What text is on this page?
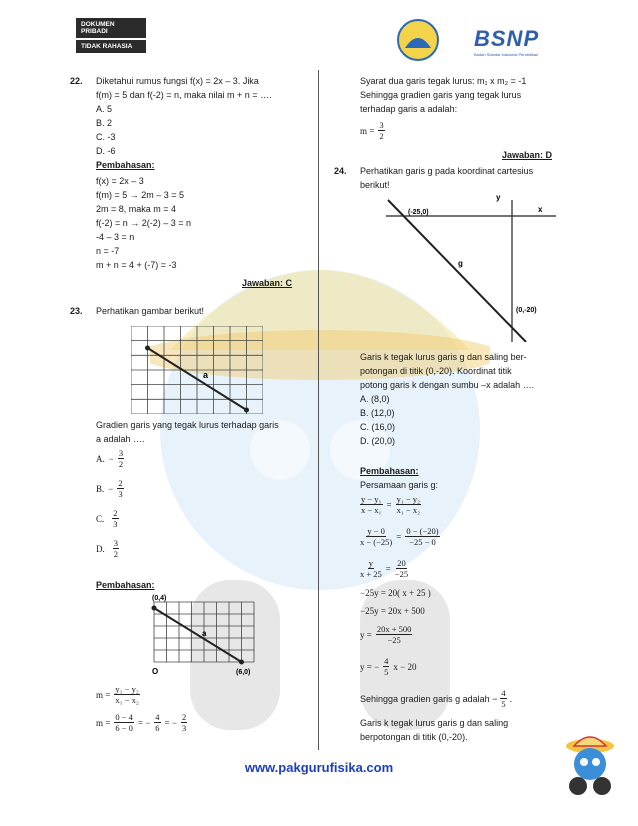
DOKUMEN PRIBADI
TIDAK RAHASIA	BSNP
Badan Standar Nasional Pendidikan
22. Diketahui rumus fungsi f(x) = 2x – 3. Jika
f(m) = 5 dan f(-2) = n, maka nilai m + n = ….
A. 5
B. 2
C. -3
D. -6
Pembahasan:
f(x) = 2x – 3
f(m) = 5 → 2m – 3 = 5
2m = 8, maka m = 4
f(-2) = n → 2(-2) – 3 = n
-4 – 3 = n
n = -7
m + n = 4 + (-7) = -3
Jawaban: C
23. Perhatikan gambar berikut!
a
Gradien garis yang tegak lurus terhadap garis
a adalah ….
A. − $\frac{3}{2}$
B. − $\frac{2}{3}$
C. $\frac{2}{3}$
D. $\frac{3}{2}$
Pembahasan:
(0,4)
a
O	(6,0)
$m = \frac{\text{y₁ − y₂}}{\text{x₁ − x₂}}$
$m = \frac{0 - 4}{6 - 0}$ = − $\frac{4}{6}$ = − $\frac{2}{3}$
Syarat dua garis tegak lurus: m₁ x m₂ = -1
Sehingga gradien garis yang tegak lurus
terhadap garis a adalah:
$m = \frac{3}{2}$
Jawaban: D
24. Perhatikan garis g pada koordinat cartesius
berikut!
y
x
(-25,0)
g
(0,-20)
Garis k tegak lurus garis g dan saling ber-
potongan di titik (0,-20). Koordinat titik
potong garis k dengan sumbu –x adalah ….
A. (8,0)
B. (12,0)
C. (16,0)
D. (20,0)
Pembahasan:
Persamaan garis g:
$\frac{\text{y − y₁}}{\text{x − x₁}} = \frac{\text{y₁ − y₂}}{\text{x₁ − x₂}}$
$\frac{y - 0}{x - (-25)} = \frac{0 - (-20)}{-25 - 0}$
$\frac{y}{x + 25} = \frac{20}{-25}$
−25y = 20( x + 25 )
−25y = 20x + 500
$y = \frac{20x + 500}{-25}$
y = − $\frac{4}{5}$ x − 20
Sehingga gradien garis g adalah − $\frac{4}{5}$ .
Garis k tegak lurus garis g dan saling
berpotongan di titik (0,-20).
www.pakgurufisika.com
